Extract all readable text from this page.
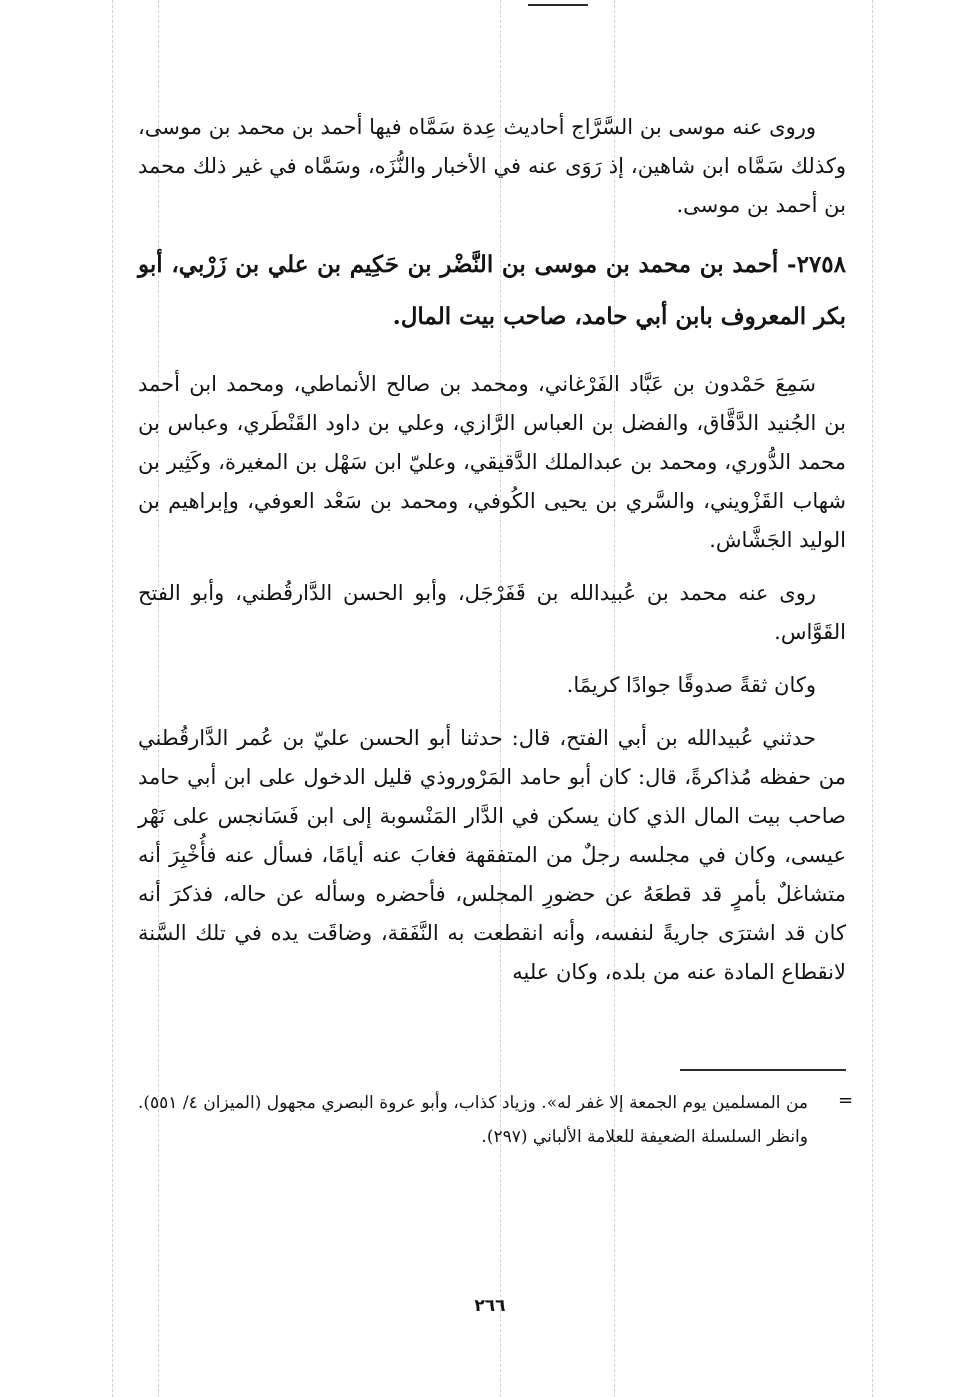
وروى عنه موسى بن السَّرَّاج أحاديث عِدة سَمَّاه فيها أحمد بن محمد بن موسى، وكذلك سَمَّاه ابن شاهين، إذ رَوَى عنه في الأخبار والنُّزَه، وسَمَّاه في غير ذلك محمد بن أحمد بن موسى.

٢٧٥٨- أحمد بن محمد بن موسى بن النَّضْر بن حَكِيم بن علي بن زَرْبي، أبو بكر المعروف بابن أبي حامد، صاحب بيت المال.

سَمِعَ حَمْدون بن عَبَّاد الفَرْغاني، ومحمد بن صالح الأنماطي، ومحمد ابن أحمد بن الجُنيد الدَّقَّاق، والفضل بن العباس الرَّازي، وعلي بن داود القَنْطَري، وعباس بن محمد الدُّوري، ومحمد بن عبدالملك الدَّقيقي، وعليّ ابن سَهْل بن المغيرة، وكَثِير بن شهاب القَزْويني، والسَّري بن يحيى الكُوفي، ومحمد بن سَعْد العوفي، وإبراهيم بن الوليد الجَشَّاش.

روى عنه محمد بن عُبيدالله بن قَفَرْجَل، وأبو الحسن الدَّارقُطني، وأبو الفتح القَوَّاس.

وكان ثقةً صدوقًا جوادًا كريمًا.

حدثني عُبيدالله بن أبي الفتح، قال: حدثنا أبو الحسن عليّ بن عُمر الدَّارقُطني من حفظه مُذاكرةً، قال: كان أبو حامد المَرْوروذي قليل الدخول على ابن أبي حامد صاحب بيت المال الذي كان يسكن في الدَّار المَنْسوبة إلى ابن فَسَانجس على نَهْر عيسى، وكان في مجلسه رجلٌ من المتفقهة فغابَ عنه أيامًا، فسأل عنه فأُخْبِرَ أنه متشاغلٌ بأمرٍ قد قطعَهُ عن حضورِ المجلس، فأحضره وسأله عن حاله، فذكرَ أنه كان قد اشترَى جاريةً لنفسه، وأنه انقطعت به النَّفَقة، وضاقَت يده في تلك السَّنة لانقطاع المادة عنه من بلده، وكان عليه

=

من المسلمين يوم الجمعة إلا غفر له». وزياد كذاب، وأبو عروة البصري مجهول (الميزان ٤/ ٥٥١). وانظر السلسلة الضعيفة للعلامة الألباني (٢٩٧).

٢٦٦
